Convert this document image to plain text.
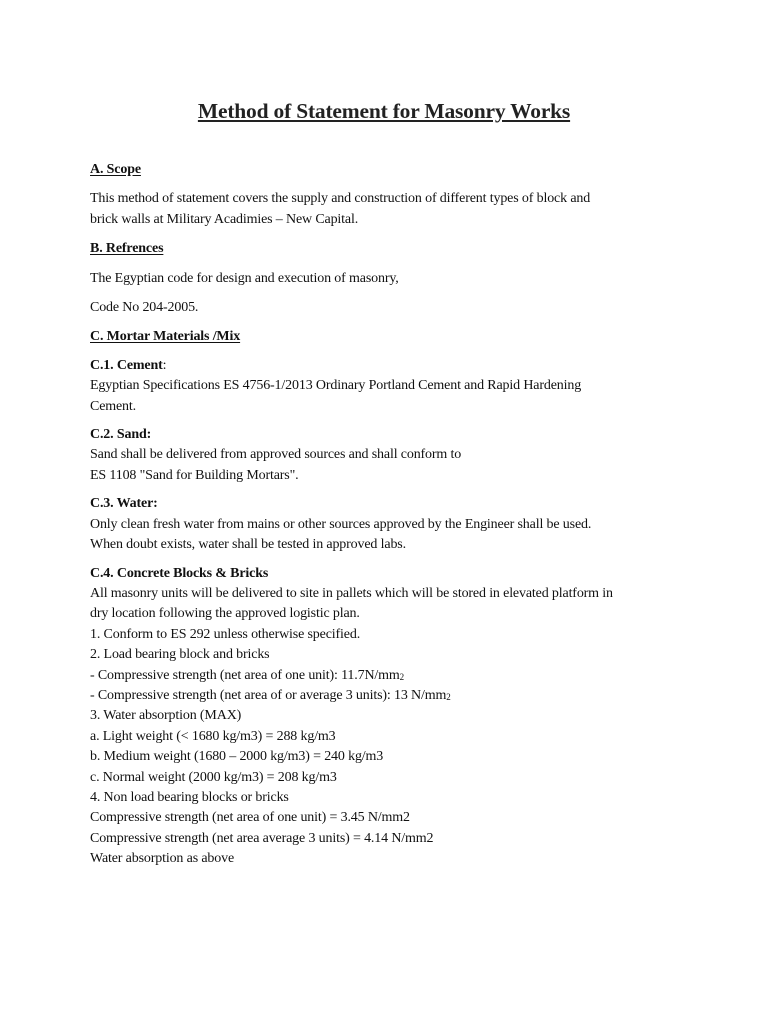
Method of Statement for Masonry Works

A. Scope

This method of statement covers the supply and construction of different types of block and

brick walls at Military Acadimies – New Capital.

B. Refrences

The Egyptian code for design and execution of masonry,

Code No 204-2005.

C. Mortar Materials /Mix

C.1. Cement:

Egyptian Specifications ES 4756-1/2013 Ordinary Portland Cement and Rapid Hardening

Cement.

C.2. Sand:

Sand shall be delivered from approved sources and shall conform to

ES 1108 "Sand for Building Mortars".

C.3. Water:

Only clean fresh water from mains or other sources approved by the Engineer shall be used.

When doubt exists, water shall be tested in approved labs.

C.4. Concrete Blocks & Bricks

All masonry units will be delivered to site in pallets which will be stored in elevated platform in

dry location following the approved logistic plan.

1. Conform to ES 292 unless otherwise specified.

2. Load bearing block and bricks

- Compressive strength (net area of one unit): $11.7N/mm_2$

- Compressive strength (net area of or average 3 units): 13 $N/mm_2$

3. Water absorption (MAX)

a. Light weight (< 1680 kg/m3) = 288 kg/m3

b. Medium weight (1680 – 2000 kg/m3) = 240 kg/m3

c. Normal weight (2000 kg/m3) = 208 kg/m3

4. Non load bearing blocks or bricks

Compressive strength (net area of one unit) = 3.45 N/mm2

Compressive strength (net area average 3 units) = 4.14 N/mm2

Water absorption as above
